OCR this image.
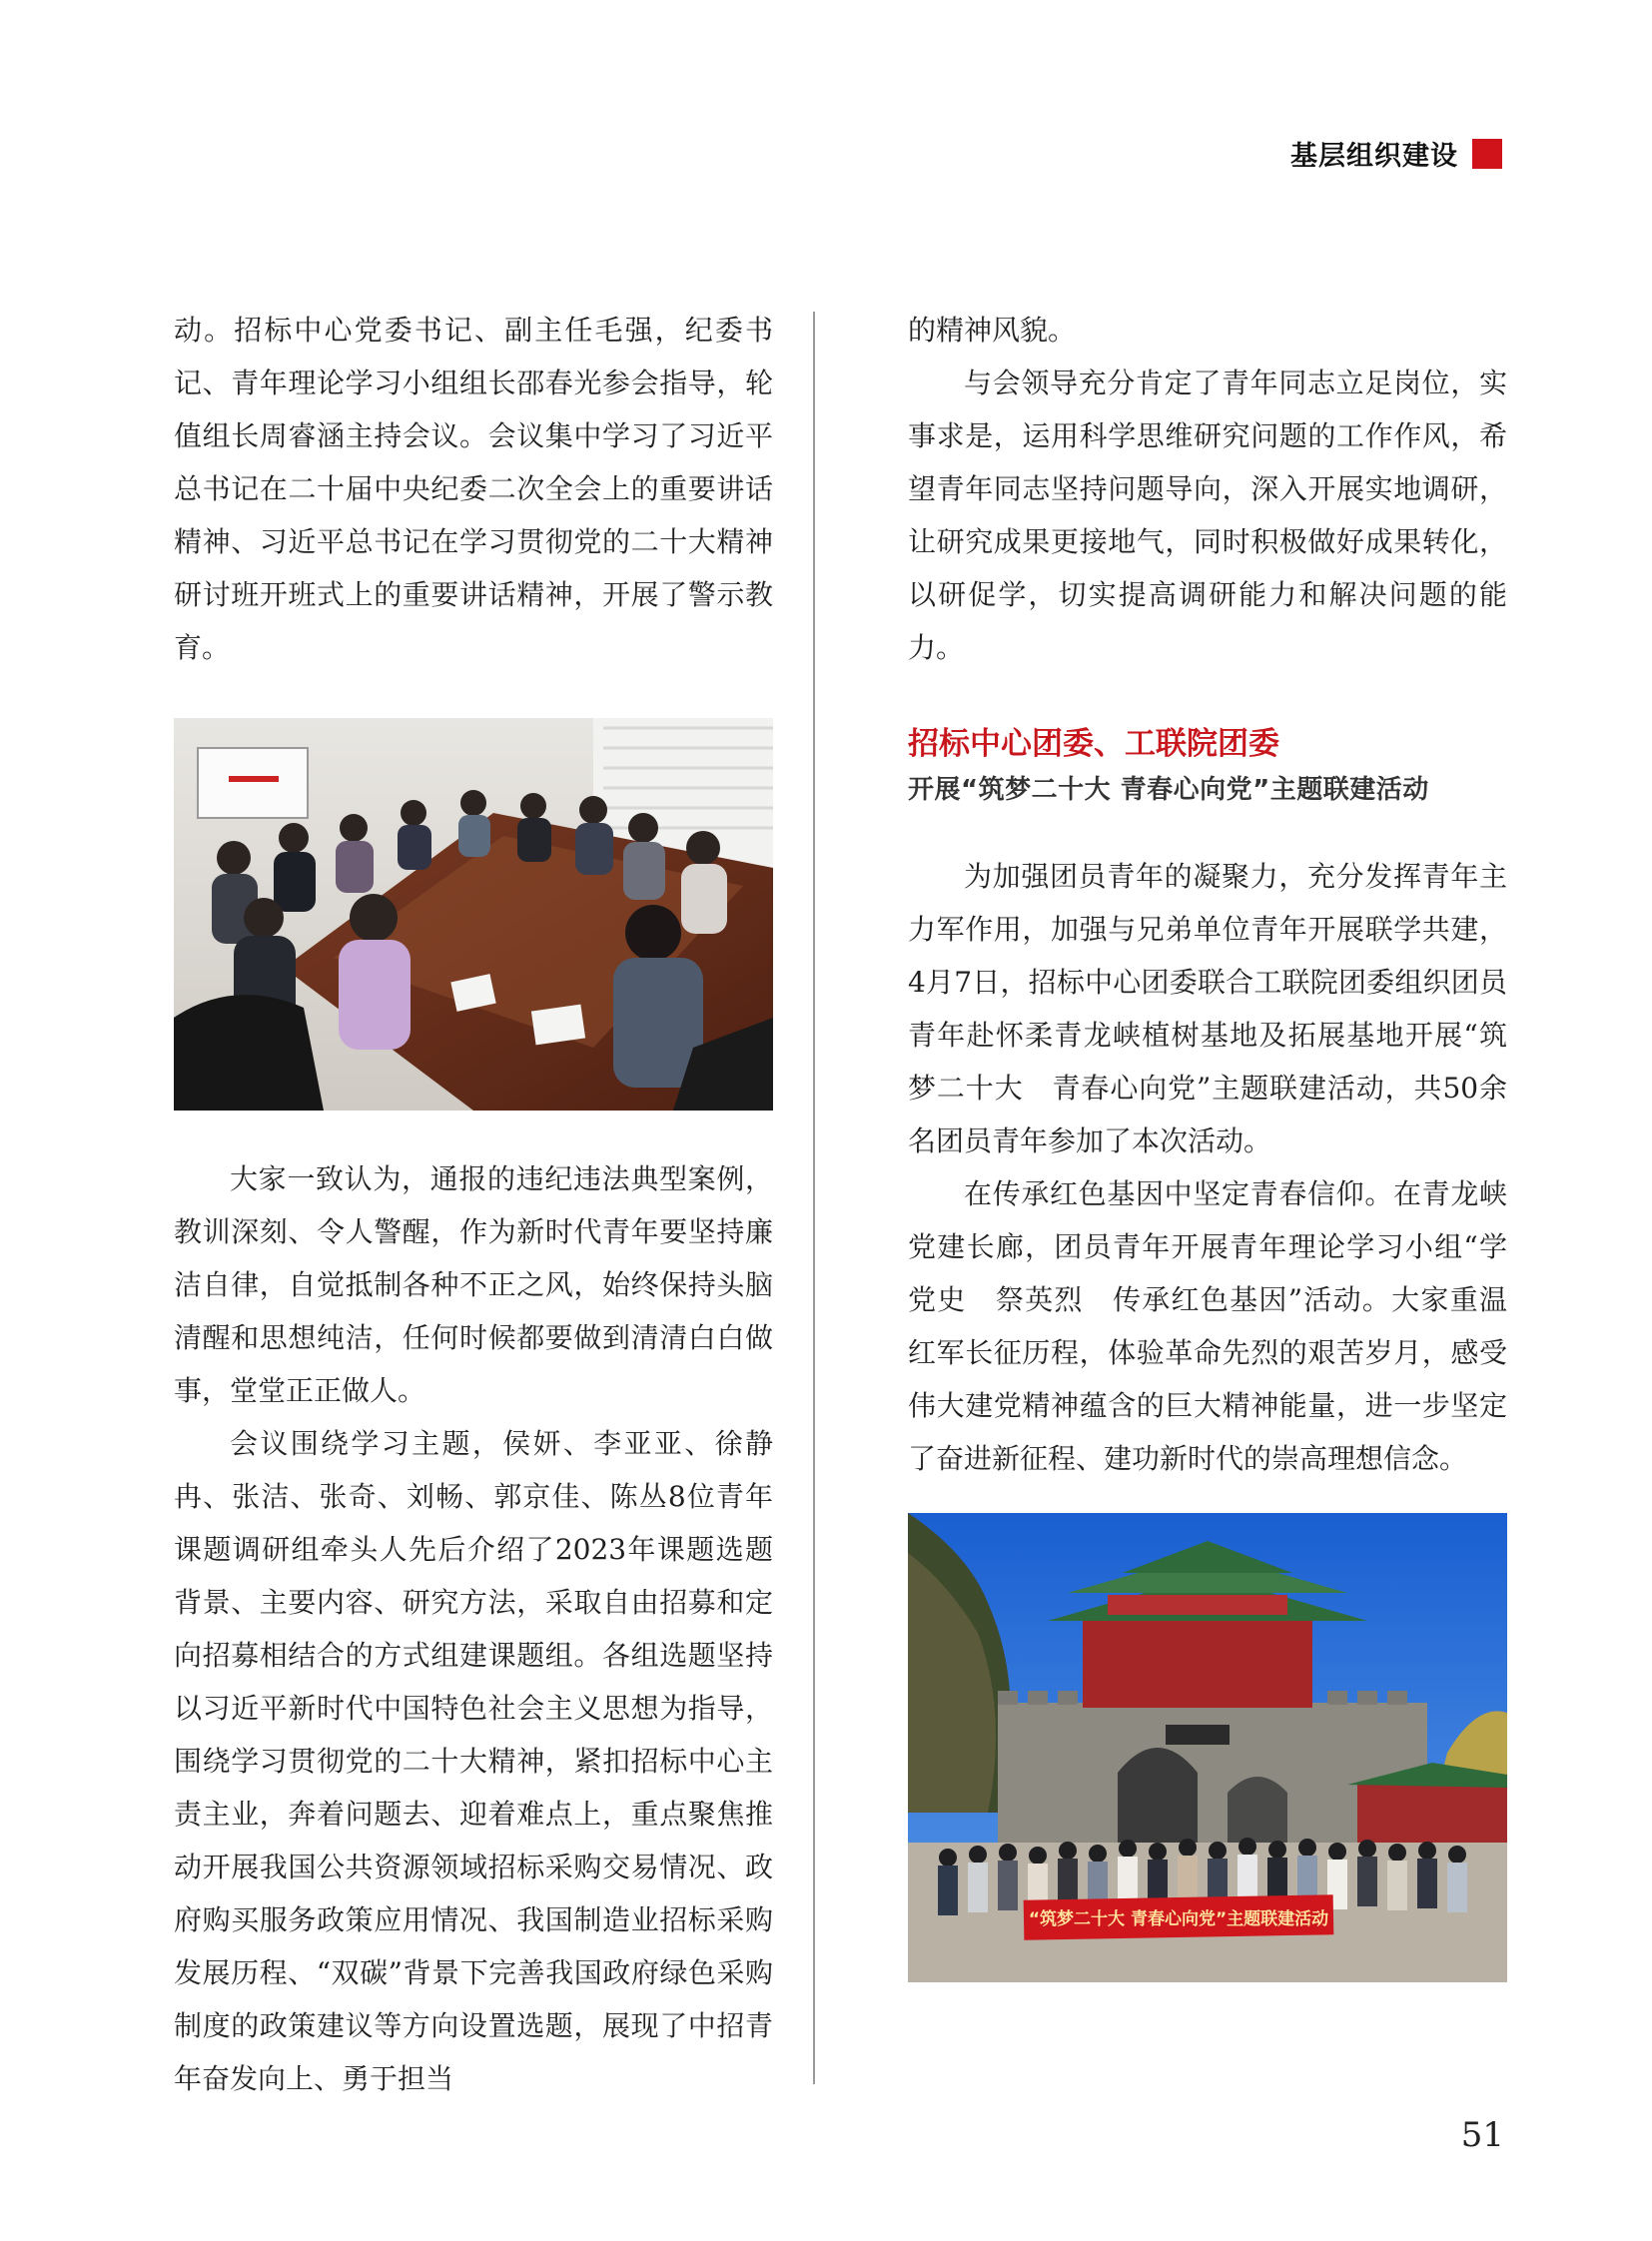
基层组织建设

动。招标中心党委书记、副主任毛强，纪委书记、青年理论学习小组组长邵春光参会指导，轮值组长周睿涵主持会议。会议集中学习了习近平总书记在二十届中央纪委二次全会上的重要讲话精神、习近平总书记在学习贯彻党的二十大精神研讨班开班式上的重要讲话精神，开展了警示教育。

大家一致认为，通报的违纪违法典型案例，教训深刻、令人警醒，作为新时代青年要坚持廉洁自律，自觉抵制各种不正之风，始终保持头脑清醒和思想纯洁，任何时候都要做到清清白白做事，堂堂正正做人。

会议围绕学习主题，侯妍、李亚亚、徐静冉、张洁、张奇、刘畅、郭京佳、陈丛8位青年课题调研组牵头人先后介绍了2023年课题选题背景、主要内容、研究方法，采取自由招募和定向招募相结合的方式组建课题组。各组选题坚持以习近平新时代中国特色社会主义思想为指导，围绕学习贯彻党的二十大精神，紧扣招标中心主责主业，奔着问题去、迎着难点上，重点聚焦推动开展我国公共资源领域招标采购交易情况、政府购买服务政策应用情况、我国制造业招标采购发展历程、“双碳”背景下完善我国政府绿色采购制度的政策建议等方向设置选题，展现了中招青年奋发向上、勇于担当

的精神风貌。

与会领导充分肯定了青年同志立足岗位，实事求是，运用科学思维研究问题的工作作风，希望青年同志坚持问题导向，深入开展实地调研，让研究成果更接地气，同时积极做好成果转化，以研促学，切实提高调研能力和解决问题的能力。

招标中心团委、工联院团委
开展“筑梦二十大 青春心向党”主题联建活动

为加强团员青年的凝聚力，充分发挥青年主力军作用，加强与兄弟单位青年开展联学共建，4月7日，招标中心团委联合工联院团委组织团员青年赴怀柔青龙峡植树基地及拓展基地开展“筑梦二十大　青春心向党”主题联建活动，共50余名团员青年参加了本次活动。

在传承红色基因中坚定青春信仰。在青龙峡党建长廊，团员青年开展青年理论学习小组“学党史　祭英烈　传承红色基因”活动。大家重温红军长征历程，体验革命先烈的艰苦岁月，感受伟大建党精神蕴含的巨大精神能量，进一步坚定了奋进新征程、建功新时代的崇高理想信念。

“筑梦二十大 青春心向党”主题联建活动
51
